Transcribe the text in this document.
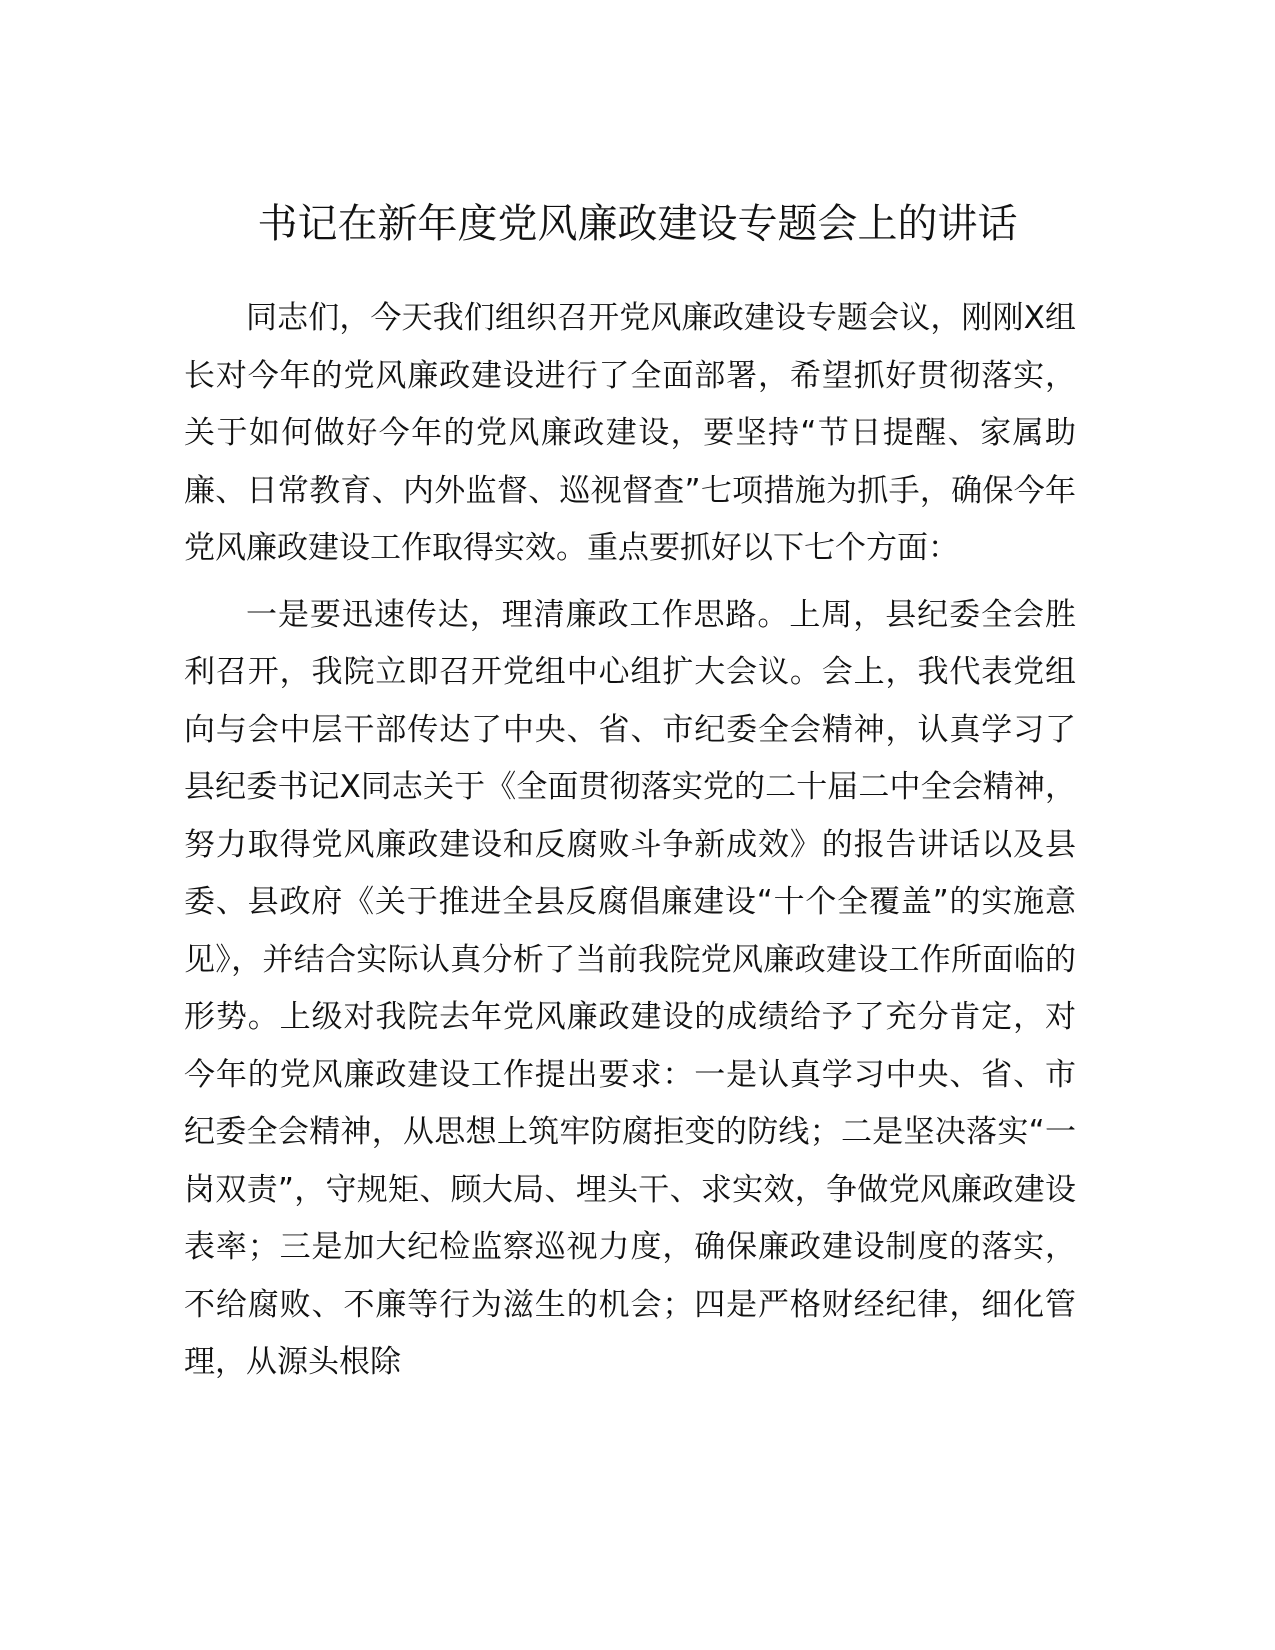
书记在新年度党风廉政建设专题会上的讲话

同志们，今天我们组织召开党风廉政建设专题会议，刚刚X组长对今年的党风廉政建设进行了全面部署，希望抓好贯彻落实，关于如何做好今年的党风廉政建设，要坚持“节日提醒、家属助廉、日常教育、内外监督、巡视督查”七项措施为抓手，确保今年党风廉政建设工作取得实效。重点要抓好以下七个方面：

一是要迅速传达，理清廉政工作思路。上周，县纪委全会胜利召开，我院立即召开党组中心组扩大会议。会上，我代表党组向与会中层干部传达了中央、省、市纪委全会精神，认真学习了县纪委书记X同志关于《全面贯彻落实党的二十届二中全会精神，努力取得党风廉政建设和反腐败斗争新成效》的报告讲话以及县委、县政府《关于推进全县反腐倡廉建设“十个全覆盖”的实施意见》，并结合实际认真分析了当前我院党风廉政建设工作所面临的形势。上级对我院去年党风廉政建设的成绩给予了充分肯定，对今年的党风廉政建设工作提出要求：一是认真学习中央、省、市纪委全会精神，从思想上筑牢防腐拒变的防线；二是坚决落实“一岗双责”，守规矩、顾大局、埋头干、求实效，争做党风廉政建设表率；三是加大纪检监察巡视力度，确保廉政建设制度的落实，不给腐败、不廉等行为滋生的机会；四是严格财经纪律，细化管理，从源头根除
